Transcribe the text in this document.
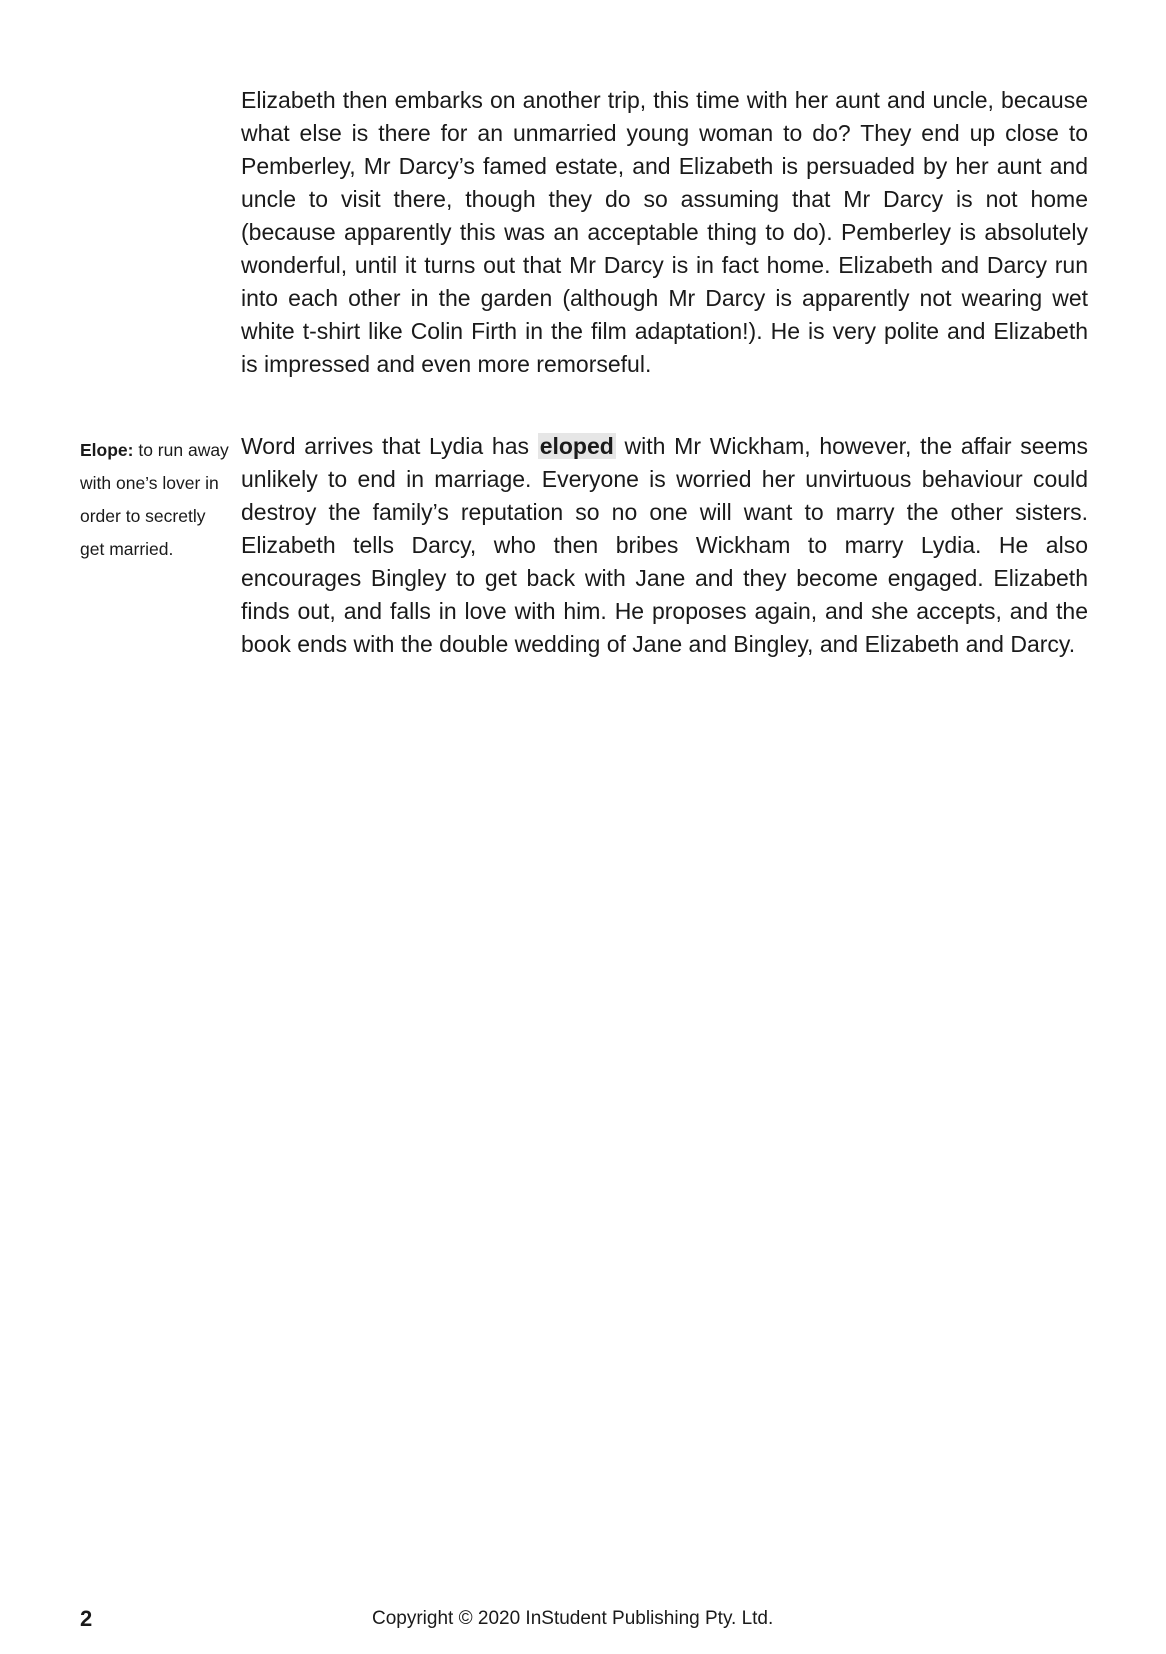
Elizabeth then embarks on another trip, this time with her aunt and uncle, because what else is there for an unmarried young woman to do? They end up close to Pemberley, Mr Darcy’s famed estate, and Elizabeth is persuaded by her aunt and uncle to visit there, though they do so assuming that Mr Darcy is not home (because apparently this was an acceptable thing to do). Pemberley is absolutely wonderful, until it turns out that Mr Darcy is in fact home. Elizabeth and Darcy run into each other in the garden (although Mr Darcy is apparently not wearing wet white t-shirt like Colin Firth in the film adaptation!). He is very polite and Elizabeth is impressed and even more remorseful.

Word arrives that Lydia has eloped with Mr Wickham, however, the affair seems unlikely to end in marriage. Everyone is worried her unvirtuous behaviour could destroy the family’s reputation so no one will want to marry the other sisters. Elizabeth tells Darcy, who then bribes Wickham to marry Lydia. He also encourages Bingley to get back with Jane and they become engaged. Elizabeth finds out, and falls in love with him. He proposes again, and she accepts, and the book ends with the double wedding of Jane and Bingley, and Elizabeth and Darcy.

Elope: to run away with one’s lover in order to secretly get married.

2	Copyright © 2020 InStudent Publishing Pty. Ltd.
